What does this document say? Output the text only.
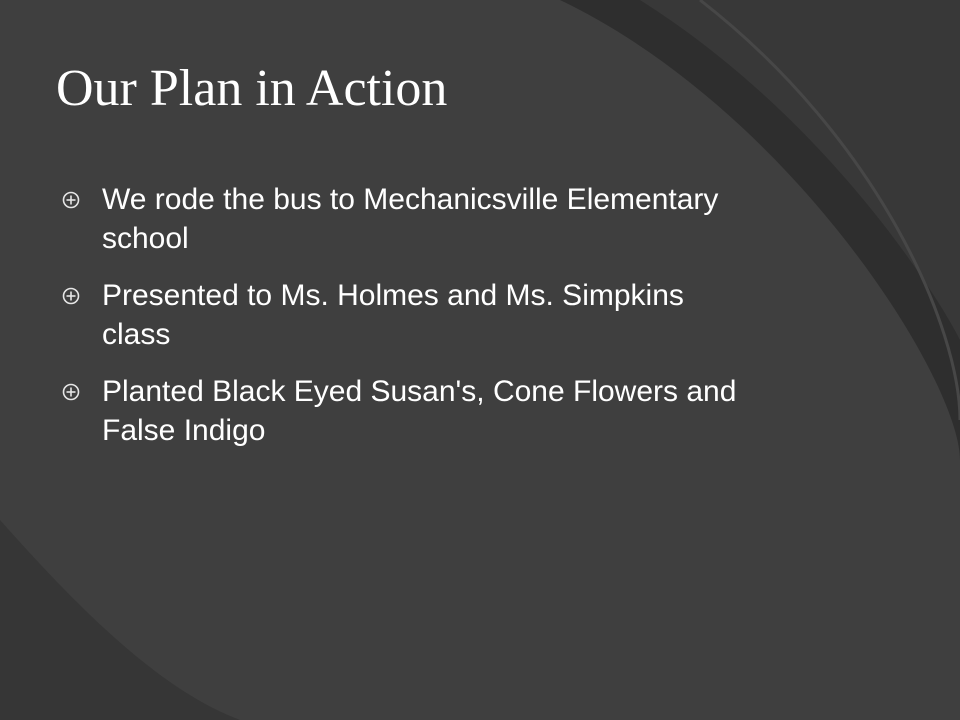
Our Plan in Action
We rode the bus to Mechanicsville Elementary school
Presented to Ms. Holmes and Ms. Simpkins class
Planted Black Eyed Susan's, Cone Flowers and False Indigo
